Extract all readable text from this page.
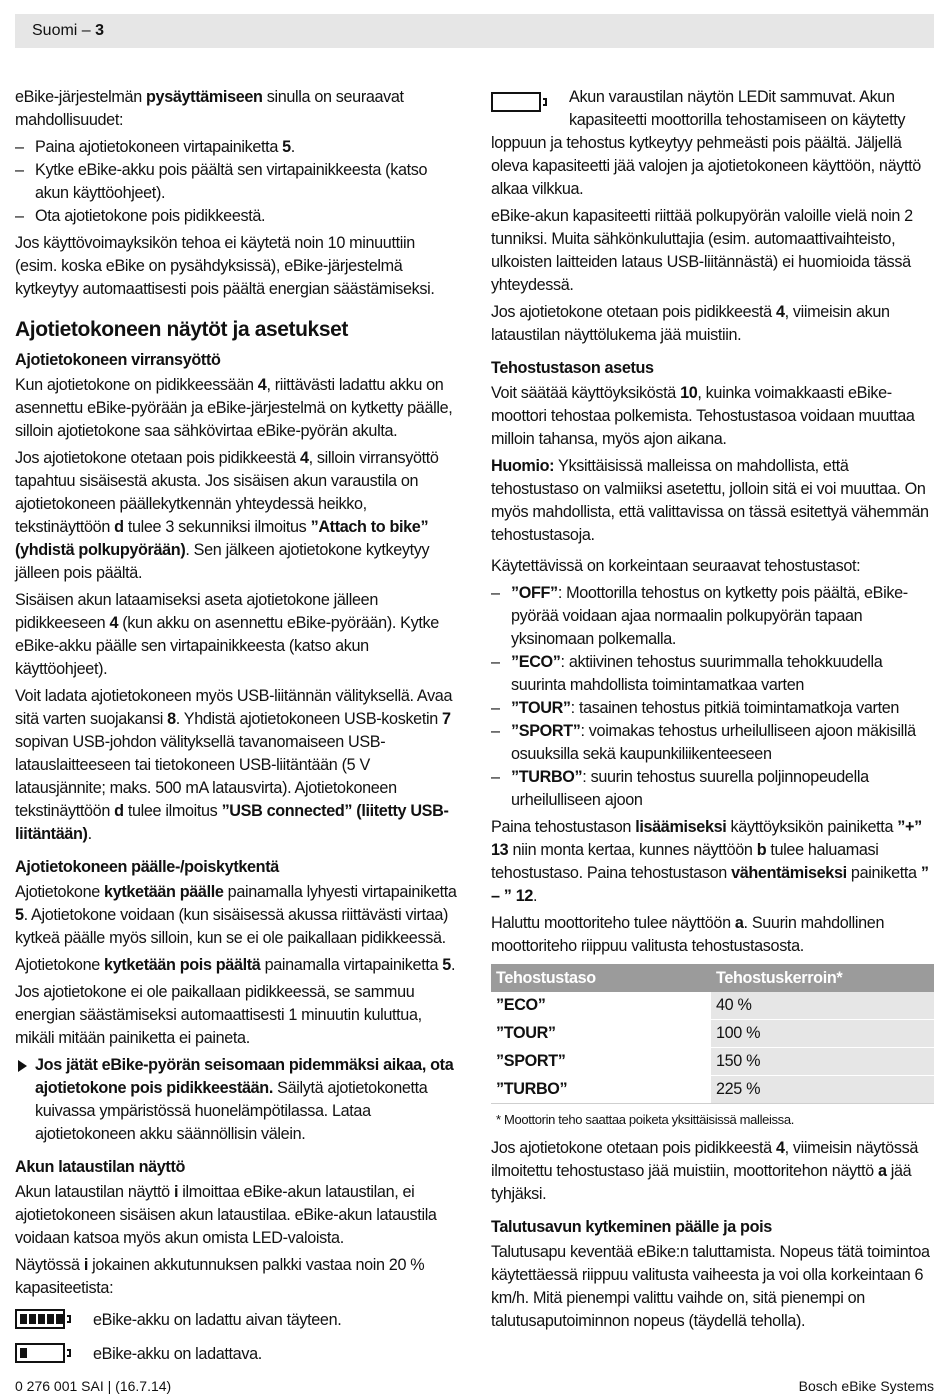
Suomi – 3

eBike-järjestelmän pysäyttämiseen sinulla on seuraavat mahdollisuudet:

– Paina ajotietokoneen virtapainiketta 5.

– Kytke eBike-akku pois päältä sen virtapainikkeesta (katso akun käyttöohjeet).

– Ota ajotietokone pois pidikkeestä.

Jos käyttövoimayksikön tehoa ei käytetä noin 10 minuuttiin (esim. koska eBike on pysähdyksissä), eBike-järjestelmä kytkeytyy automaattisesti pois päältä energian säästämiseksi.

Ajotietokoneen näytöt ja asetukset
Ajotietokoneen virransyöttö

Kun ajotietokone on pidikkeessään 4, riittävästi ladattu akku on asennettu eBike-pyörään ja eBike-järjestelmä on kytketty päälle, silloin ajotietokone saa sähkövirtaa eBike-pyörän akulta.

Jos ajotietokone otetaan pois pidikkeestä 4, silloin virransyöttö tapahtuu sisäisestä akusta. Jos sisäisen akun varaustila on ajotietokoneen päällekytkennän yhteydessä heikko, tekstinäyttöön d tulee 3 sekunniksi ilmoitus ”Attach to bike” (yhdistä polkupyörään). Sen jälkeen ajotietokone kytkeytyy jälleen pois päältä.

Sisäisen akun lataamiseksi aseta ajotietokone jälleen pidikkeeseen 4 (kun akku on asennettu eBike-pyörään). Kytke eBike-akku päälle sen virtapainikkeesta (katso akun käyttöohjeet).

Voit ladata ajotietokoneen myös USB-liitännän välityksellä. Avaa sitä varten suojakansi 8. Yhdistä ajotietokoneen USB-kosketin 7 sopivan USB-johdon välityksellä tavanomaiseen USB-latauslaitteeseen tai tietokoneen USB-liitäntään (5 V latausjännite; maks. 500 mA latausvirta). Ajotietokoneen tekstinäyttöön d tulee ilmoitus ”USB connected” (liitetty USB-liitäntään).

Ajotietokoneen päälle-/poiskytkentä

Ajotietokone kytketään päälle painamalla lyhyesti virtapainiketta 5. Ajotietokone voidaan (kun sisäisessä akussa riittävästi virtaa) kytkeä päälle myös silloin, kun se ei ole paikallaan pidikkeessä.

Ajotietokone kytketään pois päältä painamalla virtapainiketta 5.

Jos ajotietokone ei ole paikallaan pidikkeessä, se sammuu energian säästämiseksi automaattisesti 1 minuutin kuluttua, mikäli mitään painiketta ei paineta.

Jos jätät eBike-pyörän seisomaan pidemmäksi aikaa, ota ajotietokone pois pidikkeestään. Säilytä ajotietokonetta kuivassa ympäristössä huonelämpötilassa. Lataa ajotietokoneen akku säännöllisin välein.

Akun lataustilan näyttö

Akun lataustilan näyttö i ilmoittaa eBike-akun lataustilan, ei ajotietokoneen sisäisen akun lataustilaa. eBike-akun lataustila voidaan katsoa myös akun omista LED-valoista.

Näytössä i jokainen akkutunnuksen palkki vastaa noin 20 % kapasiteetista:

eBike-akku on ladattu aivan täyteen.
eBike-akku on ladattava.

Akun varaustilan näytön LEDit sammuvat. Akun kapasiteetti moottorilla tehostamiseen on käytetty loppuun ja tehostus kytkeytyy pehmeästi pois päältä. Jäljellä oleva kapasiteetti jää valojen ja ajotietokoneen käyttöön, näyttö alkaa vilkkua.

eBike-akun kapasiteetti riittää polkupyörän valoille vielä noin 2 tunniksi. Muita sähkönkuluttajia (esim. automaattivaihteisto, ulkoisten laitteiden lataus USB-liitännästä) ei huomioida tässä yhteydessä.

Jos ajotietokone otetaan pois pidikkeestä 4, viimeisin akun lataustilan näyttölukema jää muistiin.

Tehostustason asetus

Voit säätää käyttöyksiköstä 10, kuinka voimakkaasti eBike-moottori tehostaa polkemista. Tehostustasoa voidaan muuttaa milloin tahansa, myös ajon aikana.

Huomio: Yksittäisissä malleissa on mahdollista, että tehostustaso on valmiiksi asetettu, jolloin sitä ei voi muuttaa. On myös mahdollista, että valittavissa on tässä esitettyä vähemmän tehostustasoja.

Käytettävissä on korkeintaan seuraavat tehostustasot:

– ”OFF”: Moottorilla tehostus on kytketty pois päältä, eBike-pyörää voidaan ajaa normaalin polkupyörän tapaan yksinomaan polkemalla.

– ”ECO”: aktiivinen tehostus suurimmalla tehokkuudella suurinta mahdollista toimintamatkaa varten

– ”TOUR”: tasainen tehostus pitkiä toimintamatkoja varten

– ”SPORT”: voimakas tehostus urheilulliseen ajoon mäkisillä osuuksilla sekä kaupunkiliikenteeseen

– ”TURBO”: suurin tehostus suurella poljinnopeudella urheilulliseen ajoon

Paina tehostustason lisäämiseksi käyttöyksikön painiketta ”+” 13 niin monta kertaa, kunnes näyttöön b tulee haluamasi tehostustaso. Paina tehostustason vähentämiseksi painiketta ” – ” 12.

Haluttu moottoriteho tulee näyttöön a. Suurin mahdollinen moottoriteho riippuu valitusta tehostustasosta.

Tehostustaso	Tehostuskerroin*
”ECO”	40 %
”TOUR”	100 %
”SPORT”	150 %
”TURBO”	225 %
* Moottorin teho saattaa poiketa yksittäisissä malleissa.

Jos ajotietokone otetaan pois pidikkeestä 4, viimeisin näytössä ilmoitettu tehostustaso jää muistiin, moottoritehon näyttö a jää tyhjäksi.

Talutusavun kytkeminen päälle ja pois

Talutusapu keventää eBike:n taluttamista. Nopeus tätä toimintoa käytettäessä riippuu valitusta vaiheesta ja voi olla korkeintaan 6 km/h. Mitä pienempi valittu vaihde on, sitä pienempi on talutusaputoiminnon nopeus (täydellä teholla).

0 276 001 SAI | (16.7.14)	Bosch eBike Systems
